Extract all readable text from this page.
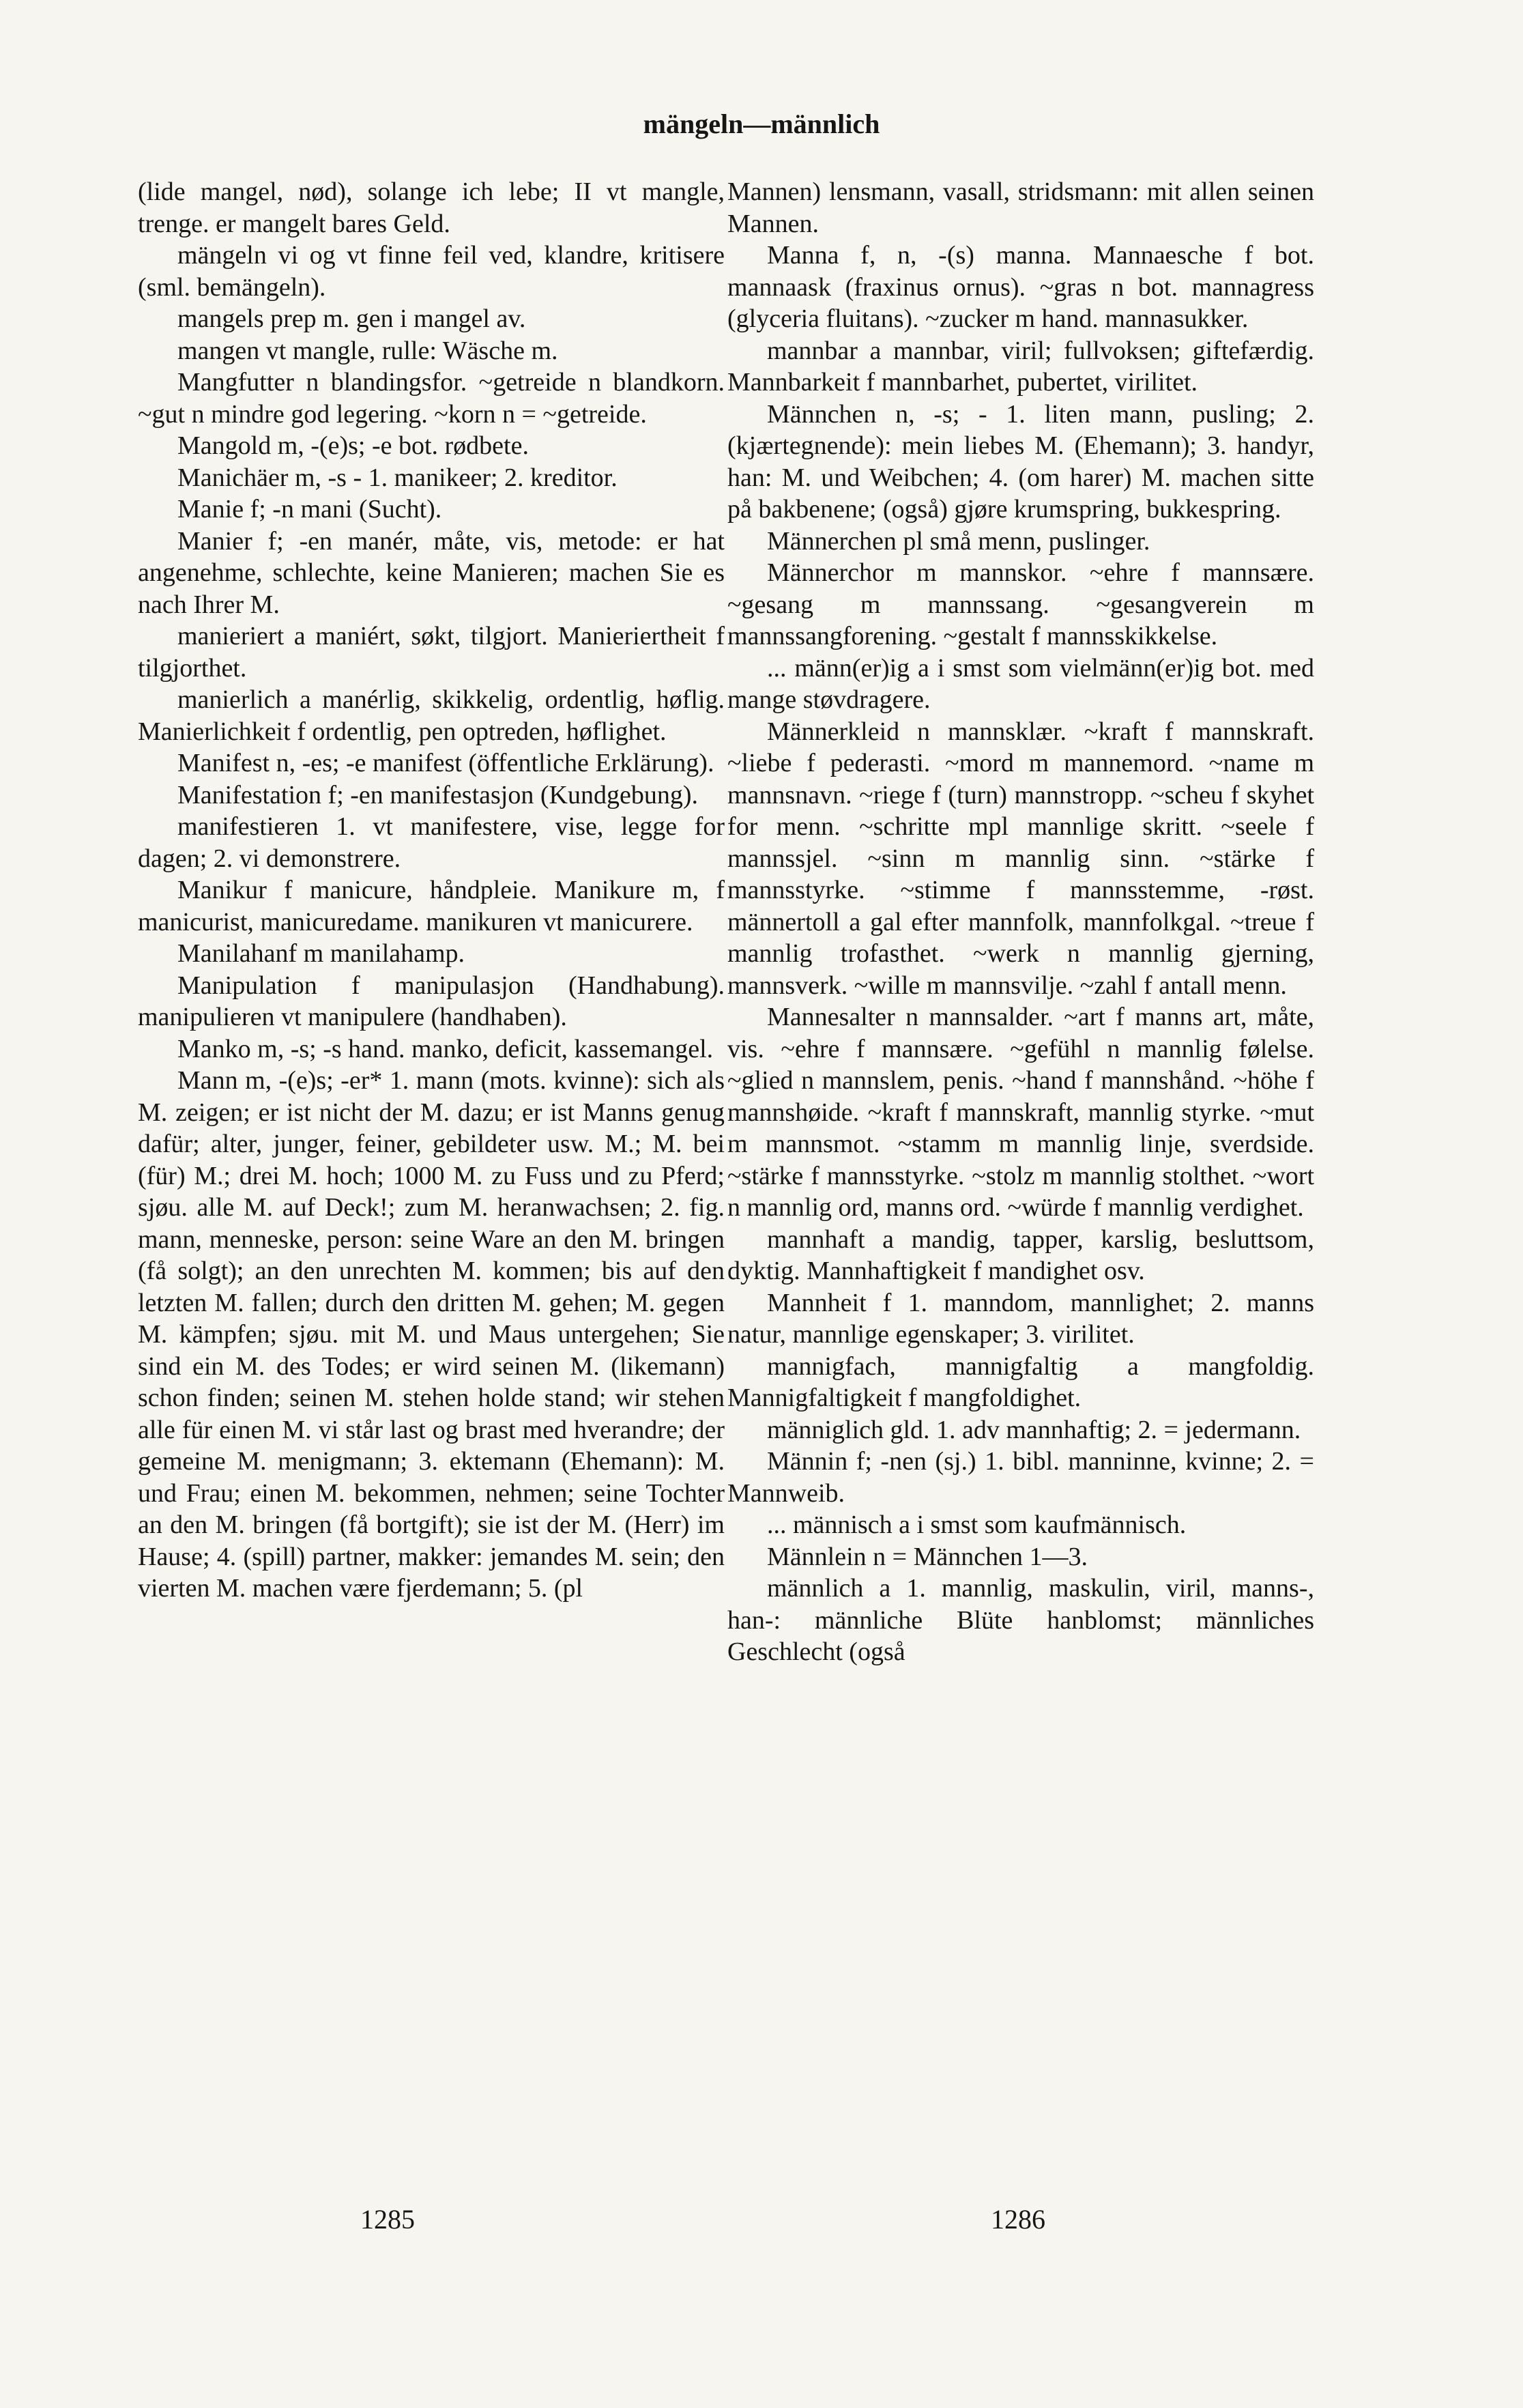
mängeln—männlich

(lide mangel, nød), solange ich lebe; II vt mangle, trenge. er mangelt bares Geld.

mängeln vi og vt finne feil ved, klandre, kritisere (sml. bemängeln).

mangels prep m. gen i mangel av.

mangen vt mangle, rulle: Wäsche m.

Mangfutter n blandingsfor. ~getreide n blandkorn. ~gut n mindre god legering. ~korn n = ~getreide.

Mangold m, -(e)s; -e bot. rødbete.

Manichäer m, -s - 1. manikeer; 2. kreditor.

Manie f; -n mani (Sucht).

Manier f; -en manér, måte, vis, metode: er hat angenehme, schlechte, keine Manieren; machen Sie es nach Ihrer M.

manieriert a maniért, søkt, tilgjort. Manieriertheit f tilgjorthet.

manierlich a manérlig, skikkelig, ordentlig, høflig. Manierlichkeit f ordentlig, pen optreden, høflighet.

Manifest n, -es; -e manifest (öffentliche Erklärung).

Manifestation f; -en manifestasjon (Kundgebung).

manifestieren 1. vt manifestere, vise, legge for dagen; 2. vi demonstrere.

Manikur f manicure, håndpleie. Manikure m, f manicurist, manicuredame. manikuren vt manicurere.

Manilahanf m manilahamp.

Manipulation f manipulasjon (Handhabung). manipulieren vt manipulere (handhaben).

Manko m, -s; -s hand. manko, deficit, kassemangel.

Mann m, -(e)s; -er* 1. mann (mots. kvinne): sich als M. zeigen; er ist nicht der M. dazu; er ist Manns genug dafür; alter, junger, feiner, gebildeter usw. M.; M. bei (für) M.; drei M. hoch; 1000 M. zu Fuss und zu Pferd; sjøu. alle M. auf Deck!; zum M. heranwachsen; 2. fig. mann, menneske, person: seine Ware an den M. bringen (få solgt); an den unrechten M. kommen; bis auf den letzten M. fallen; durch den dritten M. gehen; M. gegen M. kämpfen; sjøu. mit M. und Maus untergehen; Sie sind ein M. des Todes; er wird seinen M. (likemann) schon finden; seinen M. stehen holde stand; wir stehen alle für einen M. vi står last og brast med hverandre; der gemeine M. menigmann; 3. ektemann (Ehemann): M. und Frau; einen M. bekommen, nehmen; seine Tochter an den M. bringen (få bortgift); sie ist der M. (Herr) im Hause; 4. (spill) partner, makker: jemandes M. sein; den vierten M. machen være fjerdemann; 5. (pl

Mannen) lensmann, vasall, stridsmann: mit allen seinen Mannen.

Manna f, n, -(s) manna. Mannaesche f bot. mannaask (fraxinus ornus). ~gras n bot. mannagress (glyceria fluitans). ~zucker m hand. mannasukker.

mannbar a mannbar, viril; fullvoksen; giftefærdig. Mannbarkeit f mannbarhet, pubertet, virilitet.

Männchen n, -s; - 1. liten mann, pusling; 2. (kjærtegnende): mein liebes M. (Ehemann); 3. handyr, han: M. und Weibchen; 4. (om harer) M. machen sitte på bakbenene; (også) gjøre krumspring, bukkespring.

Männerchen pl små menn, puslinger.

Männerchor m mannskor. ~ehre f mannsære. ~gesang m mannssang. ~gesangverein m mannssangforening. ~gestalt f mannsskikkelse.

... männ(er)ig a i smst som vielmänn(er)ig bot. med mange støvdragere.

Männerkleid n mannsklær. ~kraft f mannskraft. ~liebe f pederasti. ~mord m mannemord. ~name m mannsnavn. ~riege f (turn) mannstropp. ~scheu f skyhet for menn. ~schritte mpl mannlige skritt. ~seele f mannssjel. ~sinn m mannlig sinn. ~stärke f mannsstyrke. ~stimme f mannsstemme, -røst. männertoll a gal efter mannfolk, mannfolkgal. ~treue f mannlig trofasthet. ~werk n mannlig gjerning, mannsverk. ~wille m mannsvilje. ~zahl f antall menn.

Mannesalter n mannsalder. ~art f manns art, måte, vis. ~ehre f mannsære. ~gefühl n mannlig følelse. ~glied n mannslem, penis. ~hand f mannshånd. ~höhe f mannshøide. ~kraft f mannskraft, mannlig styrke. ~mut m mannsmot. ~stamm m mannlig linje, sverdside. ~stärke f mannsstyrke. ~stolz m mannlig stolthet. ~wort n mannlig ord, manns ord. ~würde f mannlig verdighet.

mannhaft a mandig, tapper, karslig, besluttsom, dyktig. Mannhaftigkeit f mandighet osv.

Mannheit f 1. manndom, mannlighet; 2. manns natur, mannlige egenskaper; 3. virilitet.

mannigfach, mannigfaltig a mangfoldig. Mannigfaltigkeit f mangfoldighet.

männiglich gld. 1. adv mannhaftig; 2. = jedermann.

Männin f; -nen (sj.) 1. bibl. manninne, kvinne; 2. = Mannweib.

... männisch a i smst som kaufmännisch.

Männlein n = Männchen 1—3.

männlich a 1. mannlig, maskulin, viril, manns-, han-: männliche Blüte hanblomst; männliches Geschlecht (også

1285	1286
